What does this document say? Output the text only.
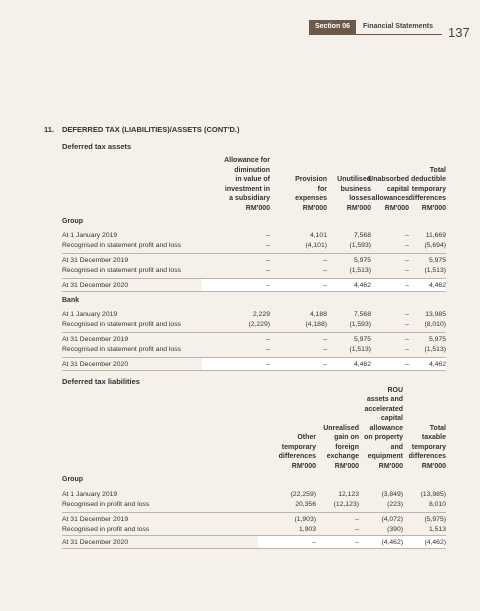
Section 06	Financial Statements 137
11. DEFERRED TAX (LIABILITIES)/ASSETS (CONT'D.)
Deferred tax assets
Allowance for
diminution
in value of
investment in
a subsidiary
RM'000
Provision
for
expenses
RM'000
Unutilised
business
losses
RM'000
Unabsorbed
capital
allowances
RM'000
Total
deductible
temporary
differences
RM'000
Group
At 1 January 2019	–	4,101	7,568	–	11,669
Recognised in statement profit and loss	–	(4,101)	(1,593)	–	(5,694)
At 31 December 2019	–	–	5,975	–	5,975
Recognised in statement profit and loss	–	–	(1,513)	–	(1,513)
At 31 December 2020	–	–	4,462	–	4,462
Bank
At 1 January 2019	2,229	4,188	7,568	–	13,985
Recognised in statement profit and loss	(2,229)	(4,188)	(1,593)	–	(8,010)
At 31 December 2019	–	–	5,975	–	5,975
Recognised in statement profit and loss	–	–	(1,513)	–	(1,513)
At 31 December 2020	–	–	4,462	–	4,462
Deferred tax liabilities
Other
temporary
differences
RM'000
Unrealised
gain on
foreign
exchange
RM'000
ROU
assets and
accelerated
capital
allowance
on property
and
equipment
RM'000
Total
taxable
temporary
differences
RM'000
Group
At 1 January 2019	(22,259)	12,123	(3,849)	(13,985)
Recognised in profit and loss	20,356	(12,123)	(223)	8,010
At 31 December 2019	(1,903)	–	(4,072)	(5,975)
Recognised in profit and loss	1,903	–	(390)	1,513
At 31 December 2020	–	–	(4,462)	(4,462)
